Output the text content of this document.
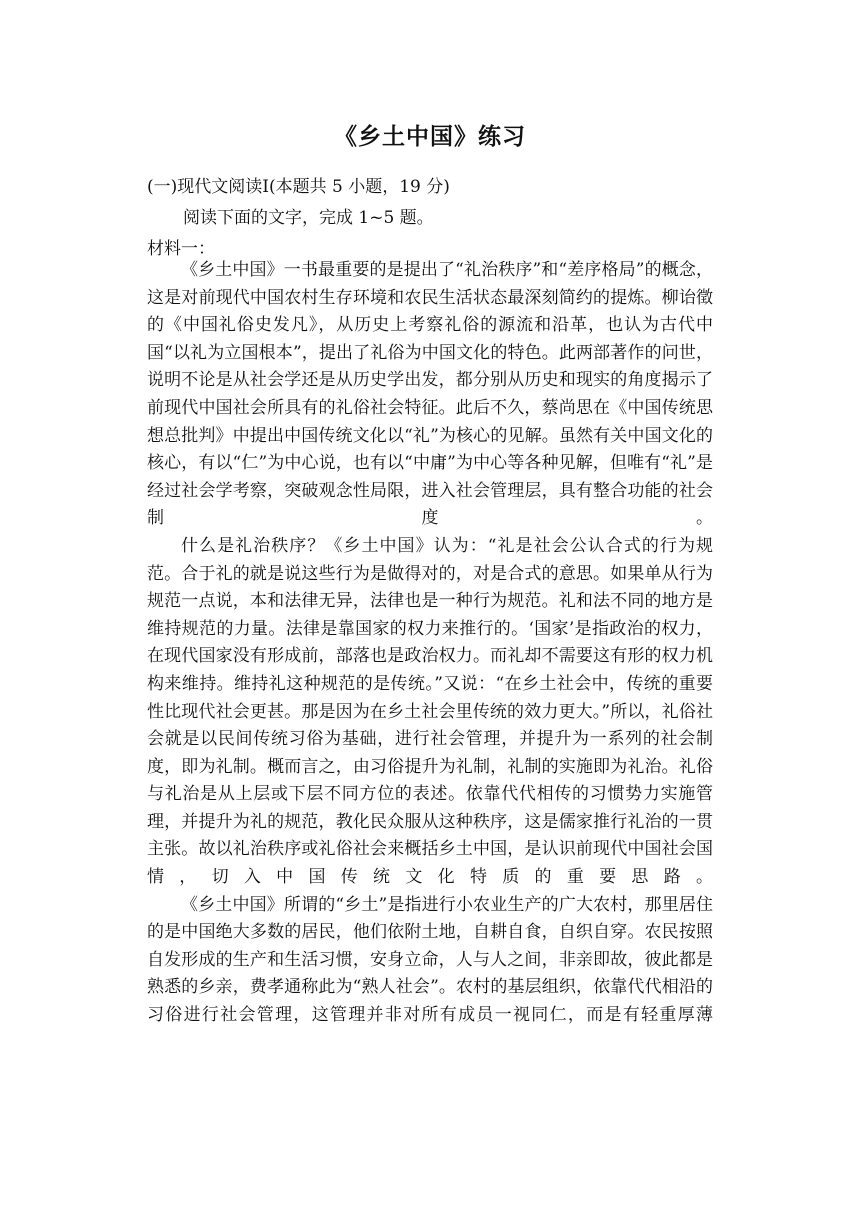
《乡土中国》练习
(一)现代文阅读I(本题共 5 小题，19 分)
阅读下面的文字，完成 1~5 题。
材料一：

《乡土中国》一书最重要的是提出了“礼治秩序”和“差序格局”的概念，这是对前现代中国农村生存环境和农民生活状态最深刻简约的提炼。柳诒徵的《中国礼俗史发凡》，从历史上考察礼俗的源流和沿革，也认为古代中国“以礼为立国根本”，提出了礼俗为中国文化的特色。此两部著作的问世，说明不论是从社会学还是从历史学出发，都分别从历史和现实的角度揭示了前现代中国社会所具有的礼俗社会特征。此后不久，蔡尚思在《中国传统思想总批判》中提出中国传统文化以“礼”为核心的见解。虽然有关中国文化的核心，有以“仁”为中心说，也有以“中庸”为中心等各种见解，但唯有“礼”是经过社会学考察，突破观念性局限，进入社会管理层，具有整合功能的社会制度。

什么是礼治秩序？《乡土中国》认为：“礼是社会公认合式的行为规范。合于礼的就是说这些行为是做得对的，对是合式的意思。如果单从行为规范一点说，本和法律无异，法律也是一种行为规范。礼和法不同的地方是维持规范的力量。法律是靠国家的权力来推行的。‘国家’是指政治的权力，在现代国家没有形成前，部落也是政治权力。而礼却不需要这有形的权力机构来维持。维持礼这种规范的是传统。”又说：“在乡土社会中，传统的重要性比现代社会更甚。那是因为在乡土社会里传统的效力更大。”所以，礼俗社会就是以民间传统习俗为基础，进行社会管理，并提升为一系列的社会制度，即为礼制。概而言之，由习俗提升为礼制，礼制的实施即为礼治。礼俗与礼治是从上层或下层不同方位的表述。依靠代代相传的习惯势力实施管理，并提升为礼的规范，教化民众服从这种秩序，这是儒家推行礼治的一贯主张。故以礼治秩序或礼俗社会来概括乡土中国，是认识前现代中国社会国情，切入中国传统文化特质的重要思路。

《乡土中国》所谓的“乡土”是指进行小农业生产的广大农村，那里居住的是中国绝大多数的居民，他们依附土地，自耕自食，自织自穿。农民按照自发形成的生产和生活习惯，安身立命，人与人之间，非亲即故，彼此都是熟悉的乡亲，费孝通称此为“熟人社会”。农村的基层组织，依靠代代相沿的习俗进行社会管理，这管理并非对所有成员一视同仁，而是有轻重厚薄
